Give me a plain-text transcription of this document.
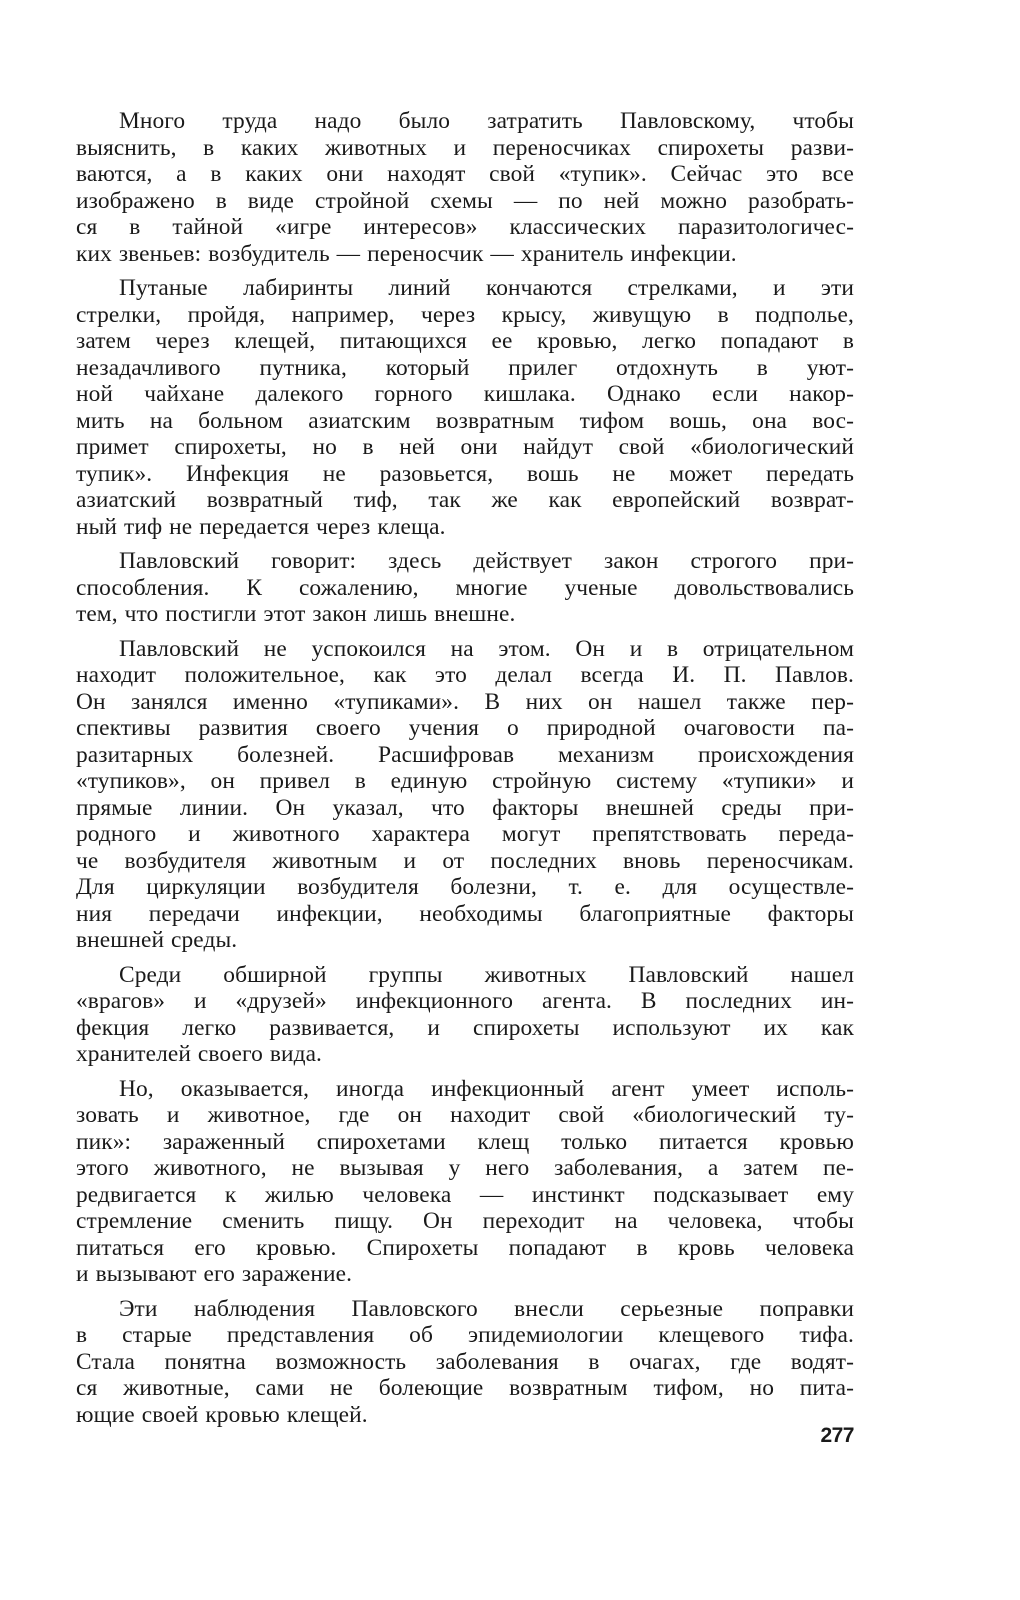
Много труда надо было затратить Павловскому, чтобы
выяснить, в каких животных и переносчиках спирохеты разви-
ваются, а в каких они находят свой «тупик». Сейчас это все
изображено в виде стройной схемы — по ней можно разобрать-
ся в тайной «игре интересов» классических паразитологичес-
ких звеньев: возбудитель — переносчик — хранитель инфекции.
Путаные лабиринты линий кончаются стрелками, и эти
стрелки, пройдя, например, через крысу, живущую в подполье,
затем через клещей, питающихся ее кровью, легко попадают в
незадачливого путника, который прилег отдохнуть в уют-
ной чайхане далекого горного кишлака. Однако если накор-
мить на больном азиатским возвратным тифом вошь, она вос-
примет спирохеты, но в ней они найдут свой «биологический
тупик». Инфекция не разовьется, вошь не может передать
азиатский возвратный тиф, так же как европейский возврат-
ный тиф не передается через клеща.
Павловский говорит: здесь действует закон строгого при-
способления. К сожалению, многие ученые довольствовались
тем, что постигли этот закон лишь внешне.
Павловский не успокоился на этом. Он и в отрицательном
находит положительное, как это делал всегда И. П. Павлов.
Он занялся именно «тупиками». В них он нашел также пер-
спективы развития своего учения о природной очаговости па-
разитарных болезней. Расшифровав механизм происхождения
«тупиков», он привел в единую стройную систему «тупики» и
прямые линии. Он указал, что факторы внешней среды при-
родного и животного характера могут препятствовать переда-
че возбудителя животным и от последних вновь переносчикам.
Для циркуляции возбудителя болезни, т. е. для осуществле-
ния передачи инфекции, необходимы благоприятные факторы
внешней среды.
Среди обширной группы животных Павловский нашел
«врагов» и «друзей» инфекционного агента. В последних ин-
фекция легко развивается, и спирохеты используют их как
хранителей своего вида.
Но, оказывается, иногда инфекционный агент умеет исполь-
зовать и животное, где он находит свой «биологический ту-
пик»: зараженный спирохетами клещ только питается кровью
этого животного, не вызывая у него заболевания, а затем пе-
редвигается к жилью человека — инстинкт подсказывает ему
стремление сменить пищу. Он переходит на человека, чтобы
питаться его кровью. Спирохеты попадают в кровь человека
и вызывают его заражение.
Эти наблюдения Павловского внесли серьезные поправки
в старые представления об эпидемиологии клещевого тифа.
Стала понятна возможность заболевания в очагах, где водят-
ся животные, сами не болеющие возвратным тифом, но пита-
ющие своей кровью клещей.
277
